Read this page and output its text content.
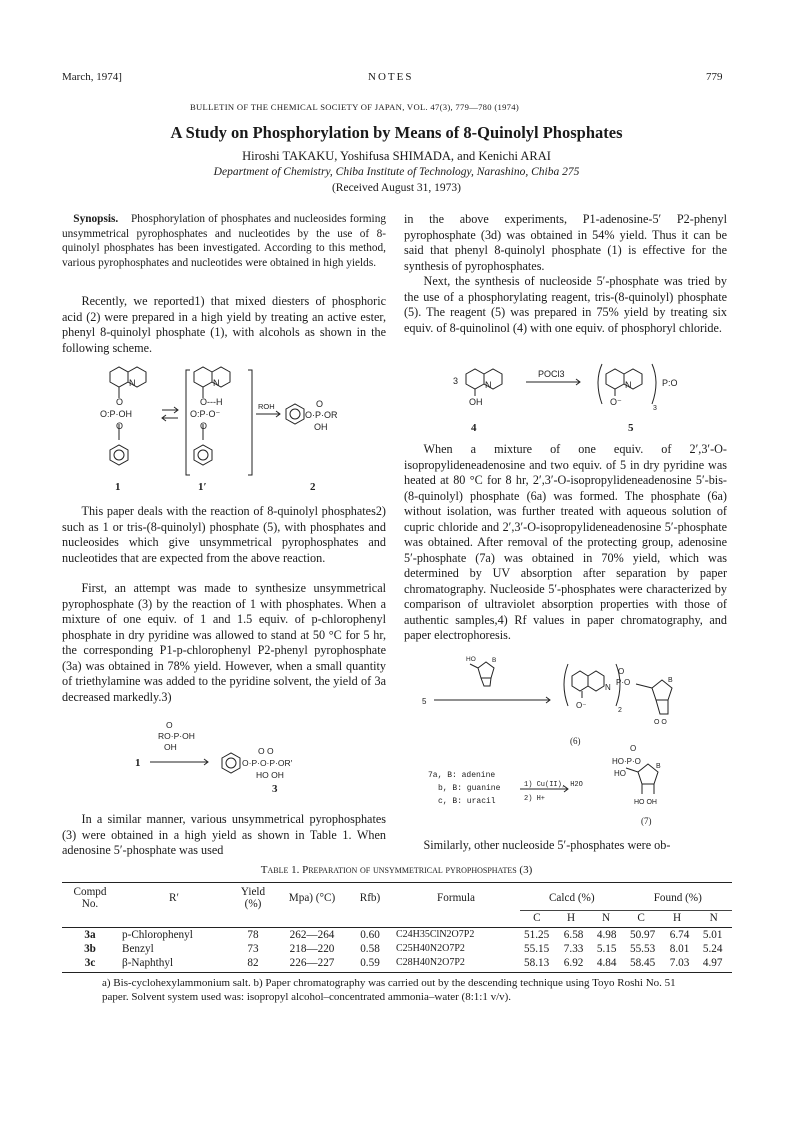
March, 1974]	NOTES	779
BULLETIN OF THE CHEMICAL SOCIETY OF JAPAN, VOL. 47(3), 779—780 (1974)
A Study on Phosphorylation by Means of 8-Quinolyl Phosphates
Hiroshi TAKAKU, Yoshifusa SHIMADA, and Kenichi ARAI
Department of Chemistry, Chiba Institute of Technology, Narashino, Chiba 275
(Received August 31, 1973)
Synopsis. Phosphorylation of phosphates and nucleosides forming unsymmetrical pyrophosphates and nucleotides by the use of 8-quinolyl phosphates has been investigated. According to this method, various pyrophosphates and nucleotides were obtained in high yields.
Recently, we reported1) that mixed diesters of phosphoric acid (2) were prepared in a high yield by treating an active ester, phenyl 8-quinolyl phosphate (1), with alcohols as shown in the following scheme.
N
O
O:P·OH
O
N
O---H
O:P·O⁻
O
ROH	O
O·P·OR
OH
1	1′	2
This paper deals with the reaction of 8-quinolyl phosphates2) such as 1 or tris-(8-quinolyl) phosphate (5), with phosphates and nucleosides which give unsymmetrical pyrophosphates and nucleotides that are expected from the above reaction.
First, an attempt was made to synthesize unsymmetrical pyrophosphate (3) by the reaction of 1 with phosphates. When a mixture of one equiv. of 1 and 1.5 equiv. of p-chlorophenyl phosphate in dry pyridine was allowed to stand at 50 °C for 5 hr, the corresponding P1-p-chlorophenyl P2-phenyl pyrophosphate (3a) was obtained in 78% yield. However, when a small quantity of triethylamine was added to the pyridine solvent, the yield of 3a decreased markedly.3)
O
RO·P·OH
OH
1
O O
O·P·O·P·OR′
HO OH
3
In a similar manner, various unsymmetrical pyrophosphates (3) were obtained in a high yield as shown in Table 1. When adenosine 5′-phosphate was used
in the above experiments, P1-adenosine-5′ P2-phenyl pyrophosphate (3d) was obtained in 54% yield. Thus it can be said that phenyl 8-quinolyl phosphate (1) is effective for the synthesis of pyrophosphates.
Next, the synthesis of nucleoside 5′-phosphate was tried by the use of a phosphorylating reagent, tris-(8-quinolyl) phosphate (5). The reagent (5) was prepared in 75% yield by treating six equiv. of 8-quinolinol (4) with one equiv. of phosphoryl chloride.
3	N
OH
POCl3
N
O⁻
3
P:O
4	5
When a mixture of one equiv. of 2′,3′-O-isopropylideneadenosine and two equiv. of 5 in dry pyridine was heated at 80 °C for 8 hr, 2′,3′-O-isopropylideneadenosine 5′-bis-(8-quinolyl) phosphate (6a) was formed. The phosphate (6a) without isolation, was further treated with aqueous solution of cupric chloride and 2′,3′-O-isopropylideneadenosine 5′-phosphate was obtained. After removal of the protecting group, adenosine 5′-phosphate (7a) was obtained in 70% yield, which was determined by UV absorption after separation by paper chromatography. Nucleoside 5′-phosphates were characterized by comparison of ultraviolet absorption properties with those of authentic samples,4) Rf values in paper chromatography, and paper electrophoresis.
HO	B
5
N
O
P·O
O⁻
2
B
O O
O
HO·P·O
HO
B
HO OH
7a, B: adenine
b, B: guanine
c, B: uracil
1) Cu(II), H2O
2) H+
(6)
(7)
Similarly, other nucleoside 5′-phosphates were ob-
Table 1. Preparation of unsymmetrical pyrophosphates (3)
Compd No.	R′	Yield (%)	Mpa) (°C)	Rfb)	Formula	Calcd (%)			Found (%)		
						C	H	N	C	H	N
3a	p-Chlorophenyl	78	262—264	0.60	C24H35ClN2O7P2	51.25	6.58	4.98	50.97	6.74	5.01
3b	Benzyl	73	218—220	0.58	C25H40N2O7P2	55.15	7.33	5.15	55.53	8.01	5.24
3c	β-Naphthyl	82	226—227	0.59	C28H40N2O7P2	58.13	6.92	4.84	58.45	7.03	4.97
a) Bis-cyclohexylammonium salt. b) Paper chromatography was carried out by the descending technique using Toyo Roshi No. 51 paper. Solvent system used was: isopropyl alcohol–concentrated ammonia–water (8:1:1 v/v).
